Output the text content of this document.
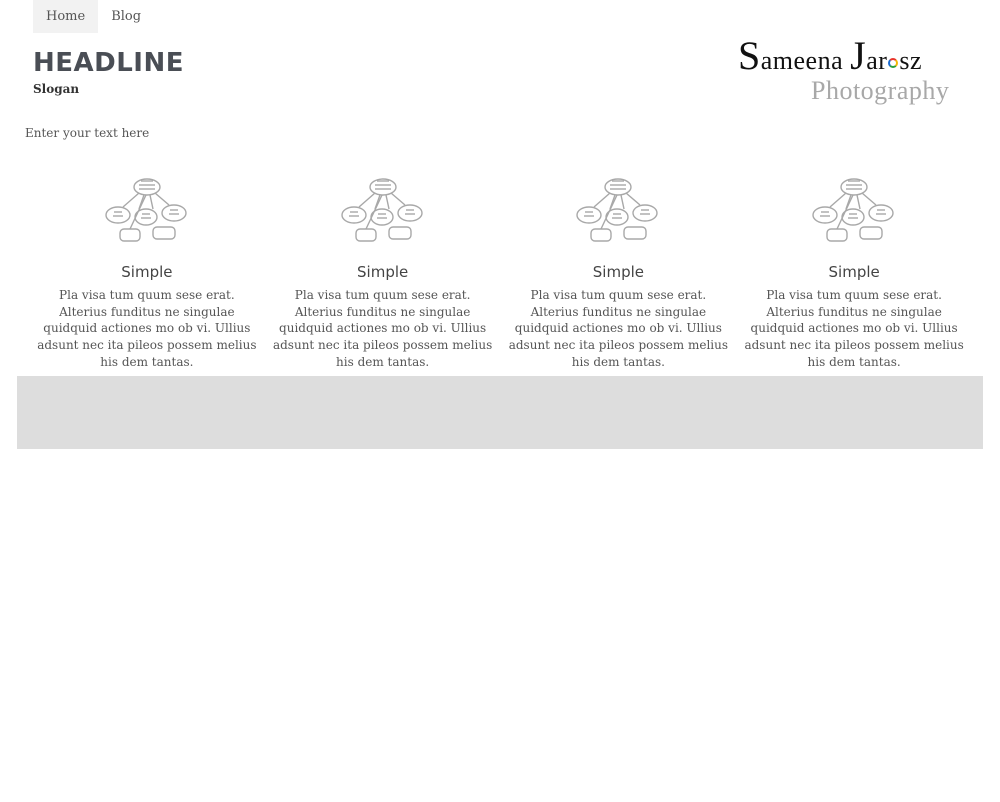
Home	Blog
HEADLINE
Slogan
Sameena Jar sz
Photography
Enter your text here
Simple
Pla visa tum quum sese erat. Alterius funditus ne singulae quidquid actiones mo ob vi. Ullius adsunt nec ita pileos possem melius his dem tantas.
Simple
Pla visa tum quum sese erat. Alterius funditus ne singulae quidquid actiones mo ob vi. Ullius adsunt nec ita pileos possem melius his dem tantas.
Simple
Pla visa tum quum sese erat. Alterius funditus ne singulae quidquid actiones mo ob vi. Ullius adsunt nec ita pileos possem melius his dem tantas.
Simple
Pla visa tum quum sese erat. Alterius funditus ne singulae quidquid actiones mo ob vi. Ullius adsunt nec ita pileos possem melius his dem tantas.
